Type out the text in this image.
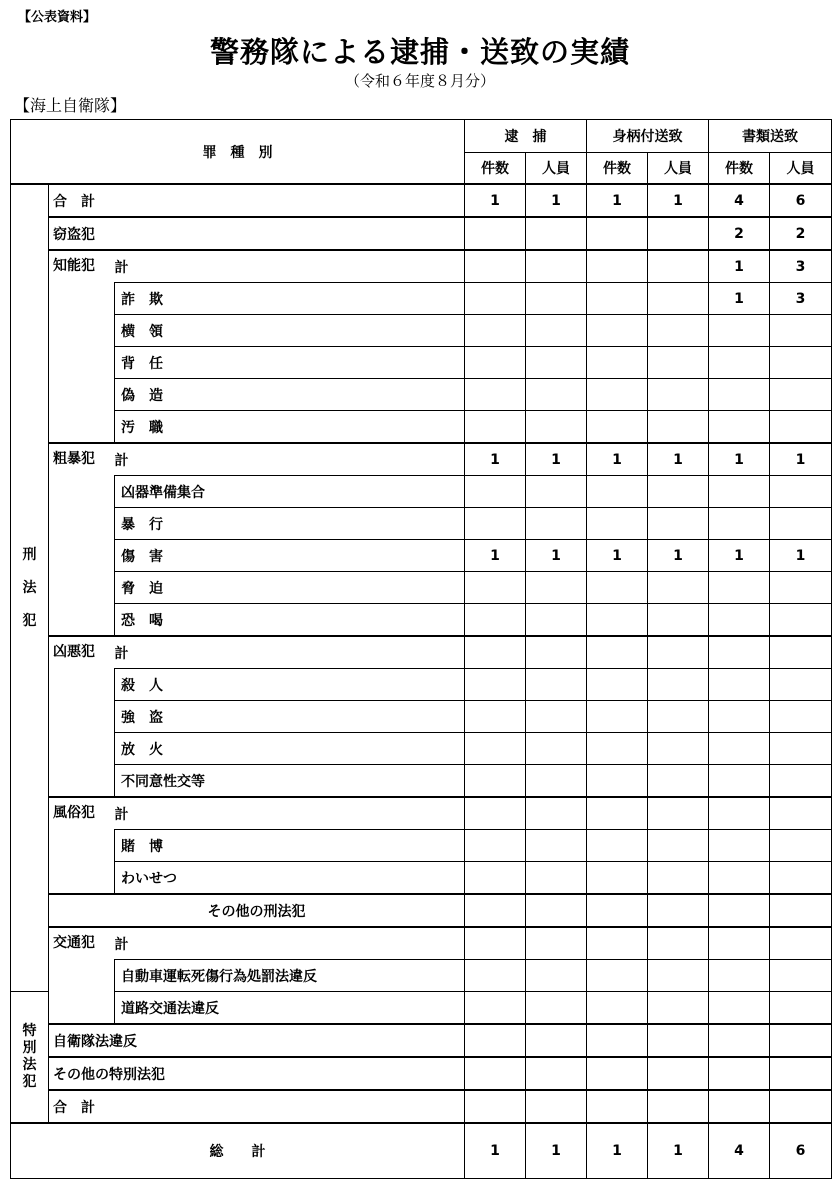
【公表資料】
警務隊による逮捕・送致の実績
（令和６年度８月分）
【海上自衛隊】
罪　種　別			逮　捕		身柄付送致		書類送致	
			件数	人員	件数	人員	件数	人員

刑
法
犯	合　計		1	1	1	1	4	6
	窃盗犯						2	2

	知能犯	計					1	3
		詐　欺					1	3
		横　領						
		背　任						
		偽　造						
		汚　職						

	粗暴犯	計	1	1	1	1	1	1
		凶器準備集合						
		暴　行						
		傷　害	1	1	1	1	1	1
		脅　迫						
		恐　喝						

	凶悪犯	計						
		殺　人						
		強　盗						
		放　火						
		不同意性交等						

	風俗犯	計						
		賭　博						
		わいせつ						
	その他の刑法犯							

	交通犯	計						
		自動車運転死傷行為処罰法違反						

特
別
法
犯		道路交通法違反						
	自衛隊法違反							
	その他の特別法犯							
	合　計							
総　　計			1	1	1	1	4	6
